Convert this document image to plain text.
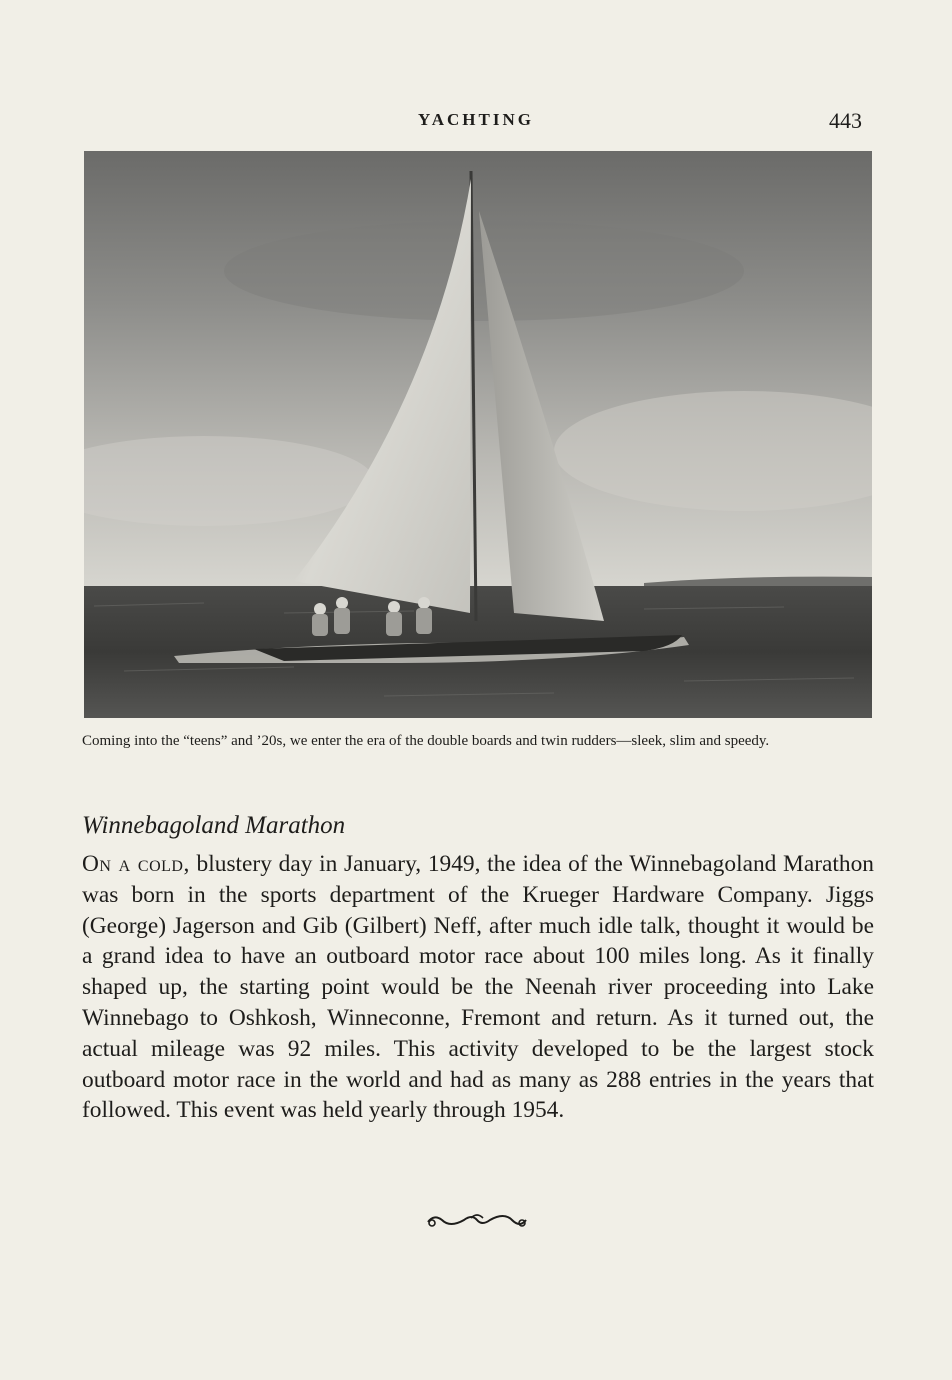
YACHTING	443
Coming into the “teens” and ’20s, we enter the era of the double boards and twin rudders—sleek, slim and speedy.
Winnebagoland Marathon
On a cold, blustery day in January, 1949, the idea of the Winnebagoland Marathon was born in the sports department of the Krueger Hardware Company. Jiggs (George) Jagerson and Gib (Gilbert) Neff, after much idle talk, thought it would be a grand idea to have an outboard motor race about 100 miles long. As it finally shaped up, the starting point would be the Neenah river proceeding into Lake Winnebago to Oshkosh, Winneconne, Fremont and return. As it turned out, the actual mileage was 92 miles. This activity developed to be the largest stock outboard motor race in the world and had as many as 288 entries in the years that followed. This event was held yearly through 1954.
